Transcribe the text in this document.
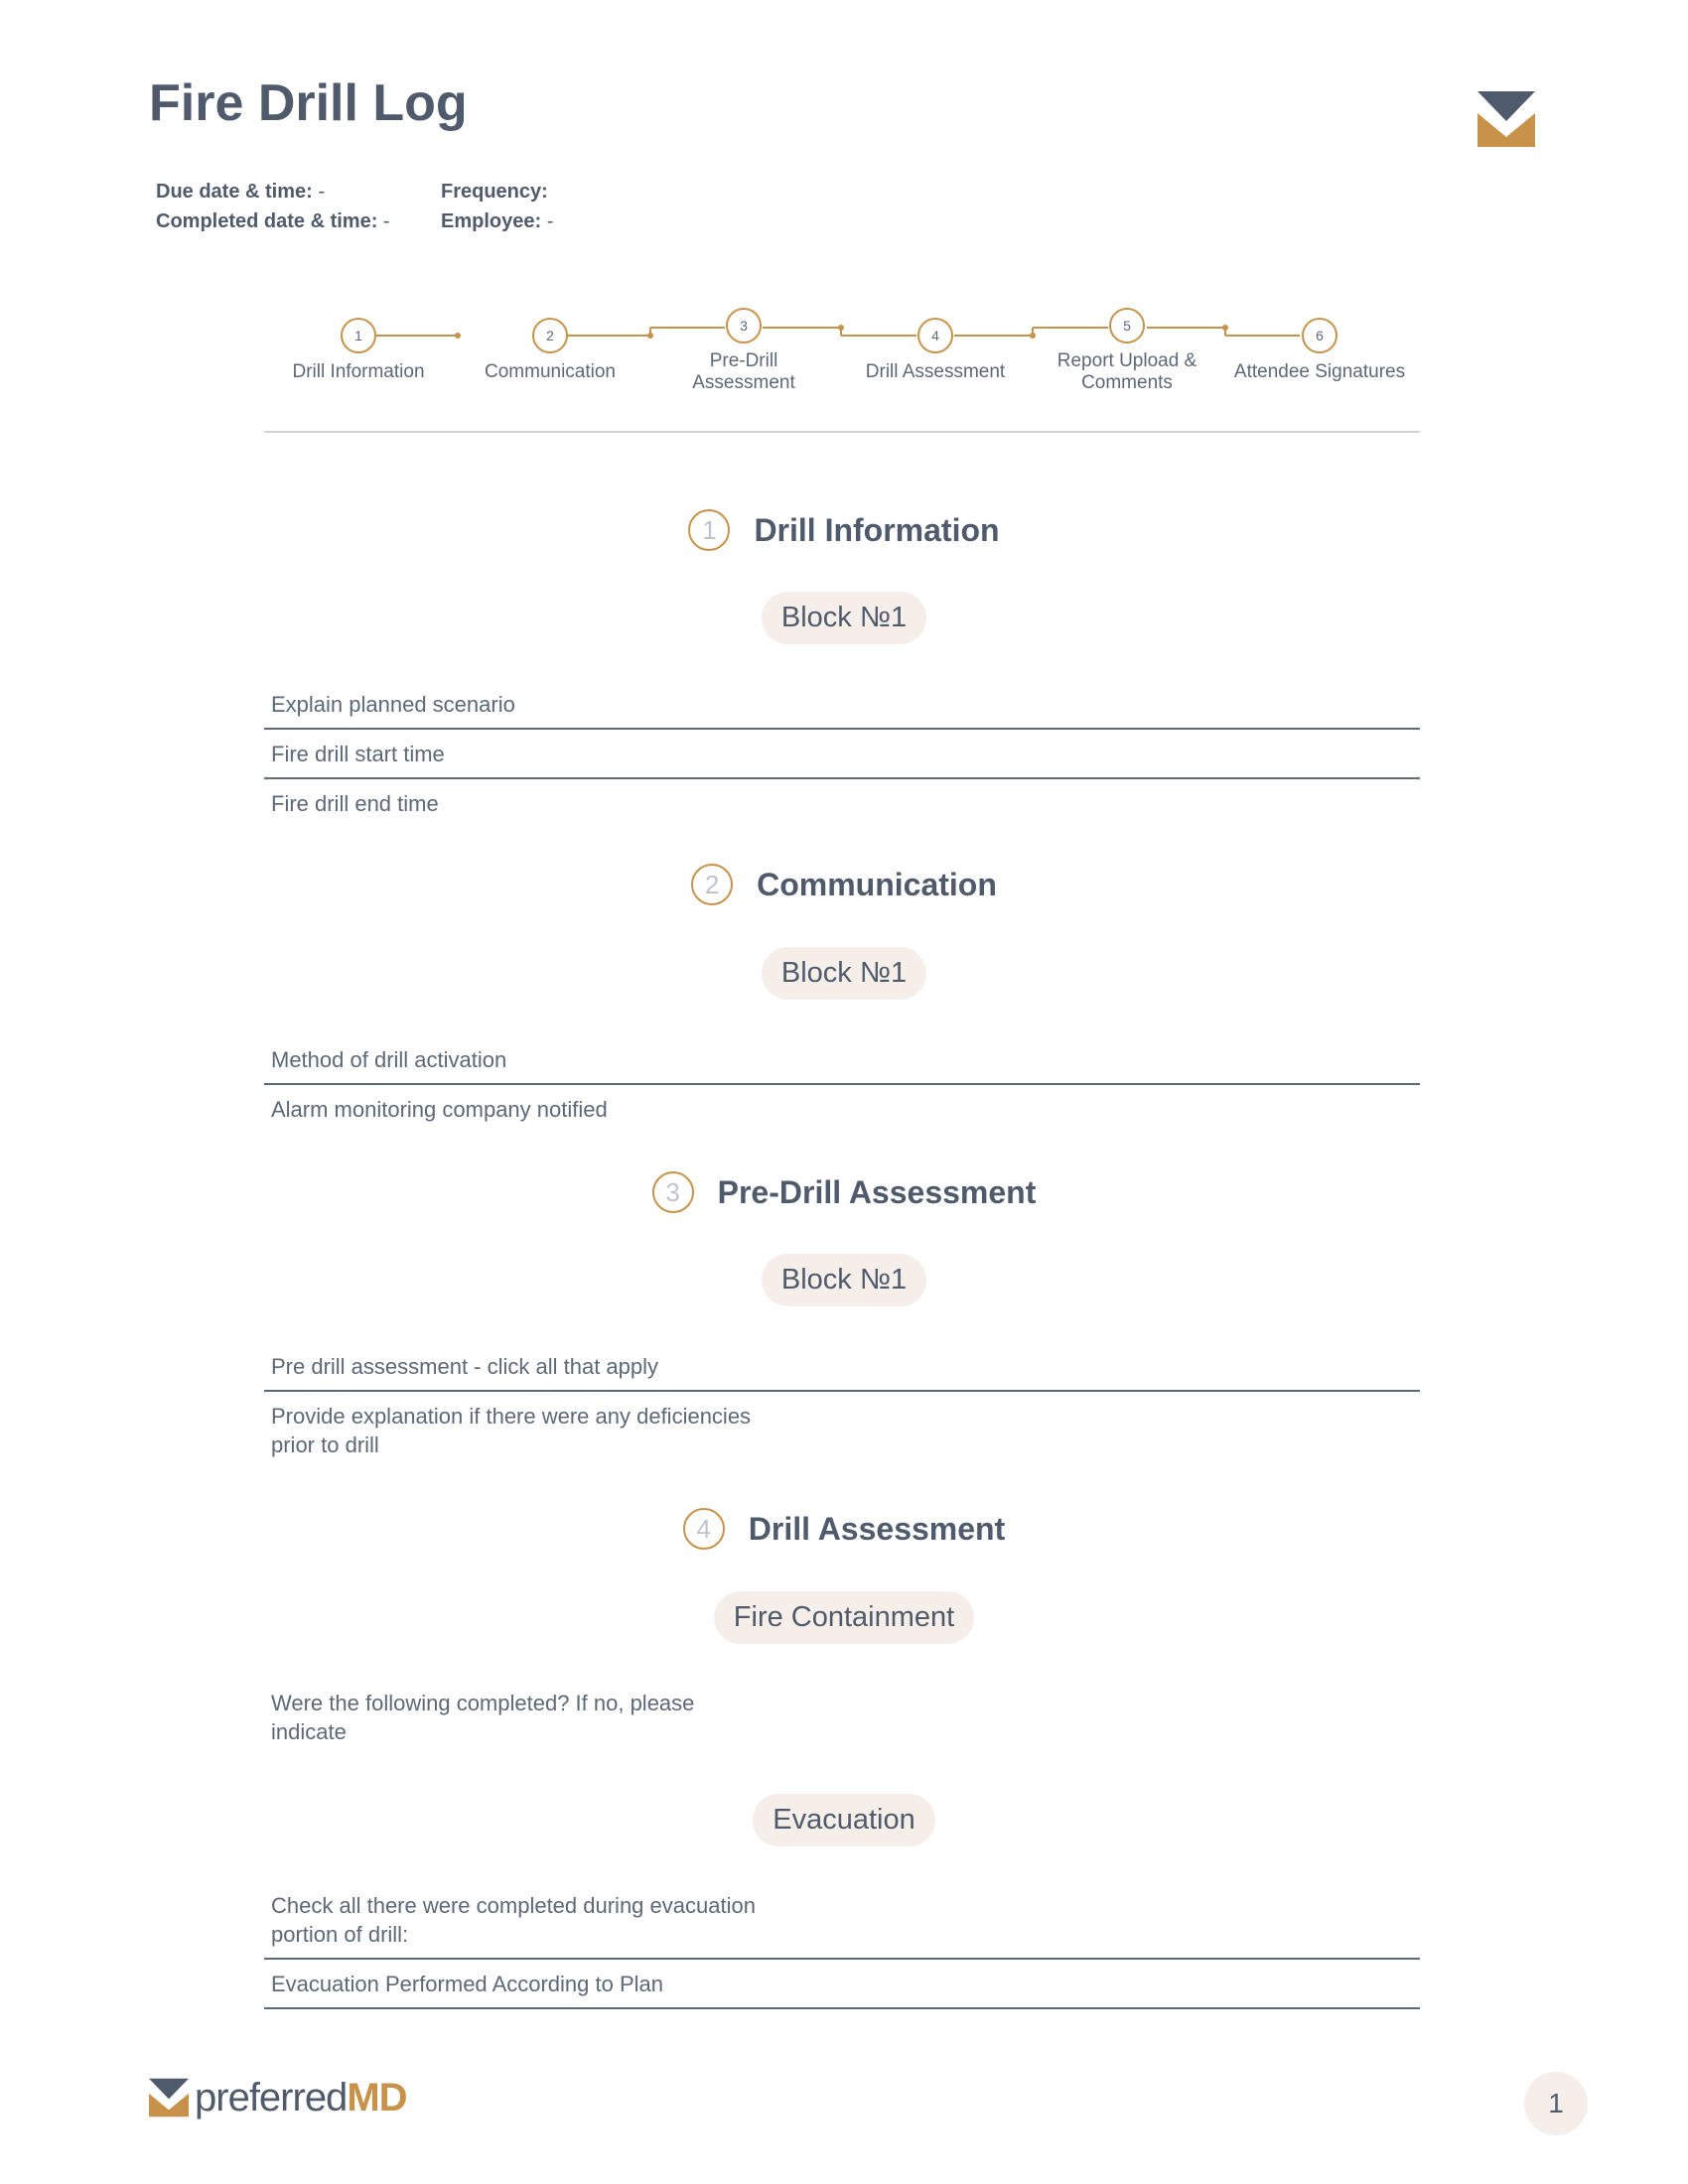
Fire Drill Log
Due date & time: -	Frequency:
Completed date & time: -	Employee: -
1	2
3
4
5
6
Drill Information	Communication
Pre-Drill
Assessment
Drill Assessment
Report Upload &
Comments
Attendee Signatures
1	Drill Information
Block №1
Explain planned scenario
Fire drill start time
Fire drill end time
2	Communication
Block №1
Method of drill activation
Alarm monitoring company notified
3	Pre-Drill Assessment
Block №1
Pre drill assessment - click all that apply
Provide explanation if there were any deficiencies
prior to drill
4	Drill Assessment
Fire Containment
Were the following completed? If no, please
indicate
Evacuation
Check all there were completed during evacuation
portion of drill:
Evacuation Performed According to Plan
preferredMD	1
